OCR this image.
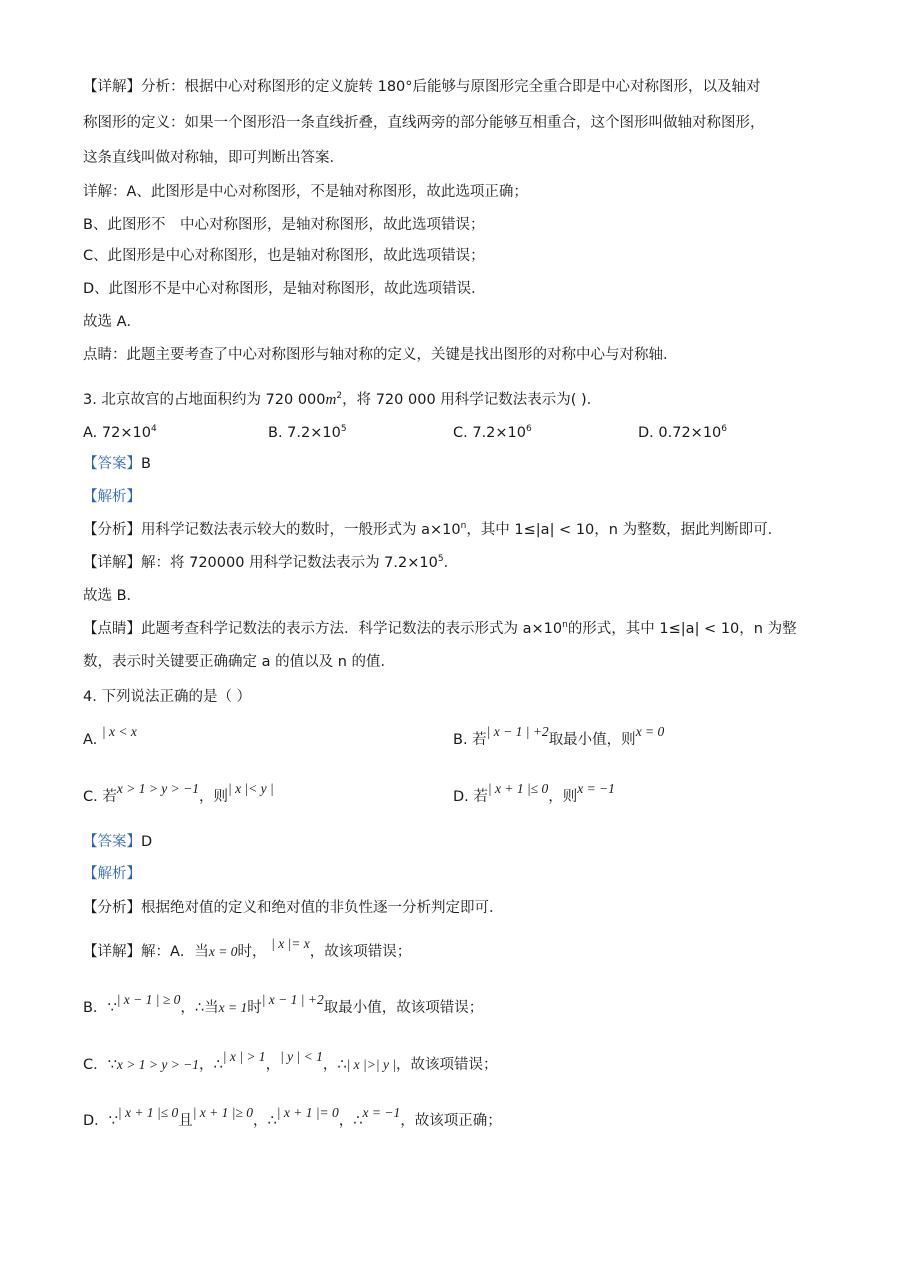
【详解】分析：根据中心对称图形的定义旋转 180°后能够与原图形完全重合即是中心对称图形，以及轴对
称图形的定义：如果一个图形沿一条直线折叠，直线两旁的部分能够互相重合，这个图形叫做轴对称图形，
这条直线叫做对称轴，即可判断出答案．
详解：A、此图形是中心对称图形，不是轴对称图形，故此选项正确；
B、此图形不　中心对称图形，是轴对称图形，故此选项错误；
C、此图形是中心对称图形，也是轴对称图形，故此选项错误；
D、此图形不是中心对称图形，是轴对称图形，故此选项错误．
故选 A．
点睛：此题主要考查了中心对称图形与轴对称的定义，关键是找出图形的对称中心与对称轴．
3. 北京故宫的占地面积约为 720 $000m^2$，将 720 000 用科学记数法表示为( )．
A. $72\times 10^4$	B. $7.2\times 10^5$	C. $7.2\times 10^6$	D. $0.72\times 10^6$
【答案】B
【解析】
【分析】用科学记数法表示较大的数时，一般形式为 $a\times 10^n$，其中 1≤|a| < 10，n 为整数，据此判断即可．
【详解】解：将 720000 用科学记数法表示为 $7.2\times 10^5$．
故选 B．
【点睛】此题考查科学记数法的表示方法．科学记数法的表示形式为 $a\times 10^n$的形式，其中 1≤|a| < 10，n 为整
数，表示时关键要正确确定 a 的值以及 n 的值．
4. 下列说法正确的是（ ）
A. | x < x
B. 若| x − 1 | +2取最小值，则x = 0
C. 若x > 1 > y > −1，则| x |< y |
D. 若| x + 1 |≤ 0，则x = −1
【答案】D
【解析】
【分析】根据绝对值的定义和绝对值的非负性逐一分析判定即可．
【详解】解：A．当x = 0时， | x |= x，故该项错误；
B．∵| x − 1 | ≥ 0，∴当x = 1时| x − 1 | +2取最小值，故该项错误；
C．∵x > 1 > y > −1，∴| x | > 1，| y | < 1，∴| x |>| y |，故该项错误；
D．∵| x + 1 |≤ 0且| x + 1 |≥ 0，∴| x + 1 |= 0，∴x = −1，故该项正确；
